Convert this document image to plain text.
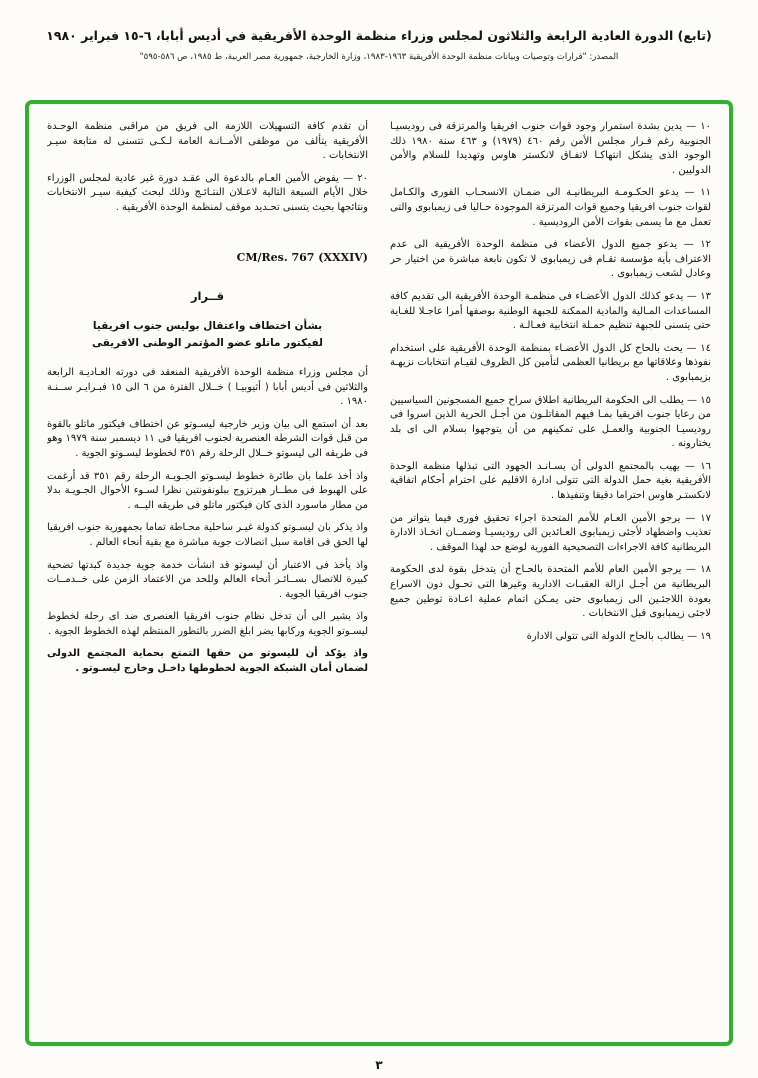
(تابع) الدورة العادية الرابعة والثلاثون لمجلس وزراء منظمة الوحدة الأفريقية في أديس أبابا، ٦-١٥ فبراير ١٩٨٠
المصدر: "قرارات وتوصيات وبيانات منظمة الوحدة الأفريقية ١٩٦٣-١٩٨٣، وزارة الخارجية، جمهورية مصر العربية، ط ١٩٨٥، ص ٥٨٦-٥٩٥"

١٠ — يدين بشدة استمرار وجود قوات جنوب افريقيا والمرتزقة فى روديسيـا الجنوبية رغم قـرار مجلس الأمن رقم ٤٦٠ (١٩٧٩) و ٤٦٣ سنة ١٩٨٠ ذلك الوجود الذى يشكل انتهاكـا لاتفـاق لانكستر هاوس وتهديدا للسلام والأمن الدوليين .

١١ — يدعو الحكـومـة البريطانيـة الى ضمـان الانسحـاب الفورى والكـامل لقوات جنوب افريقيا وجميع قوات المرتزقة الموجودة حـاليا فى زيمبابوى والتى تعمل مع ما يسمى بقوات الأمن الروديسية .

١٢ — يدعو جميع الدول الأعضاء فى منظمة الوحدة الأفريقية الى عدم الاعتراف بأية مؤسسة تقـام فى زيمبابوى لا تكون نابعة مباشرة من اختيار حر وعادل لشعب زيمبابوى .

١٣ — يدعو كذلك الدول الأعضـاء فى منظمـة الوحدة الأفريقية الى تقديم كافة المساعدات المـالية والمادية الممكنة للجبهة الوطنية بوصفها أمرا عاجـلا للغـاية حتى يتسنى للجبهة تنظيم حمـلة انتخابية فعـالـة .

١٤ — يحث بالحاح كل الدول الأعضـاء بمنظمة الوحدة الأفريقية على استخدام نفوذها وعلاقاتها مع بريطانيا العظمى لتأمين كل الظروف لقيـام انتخابات نزيهـة بزيمبابوى .

١٥ — يطلب الى الحكومة البريطانية اطلاق سراح جميع المسجونين السياسيين من رعايا جنوب افريقيا بمـا فيهم المقاتلـون من أجـل الحرية الذين اسروا فى روديسيـا الجنوبية والعمـل على تمكينهم من أن يتوجهوا بسلام الى اى بلد يختارونه .

١٦ — يهيب بالمجتمع الدولى أن يسـانـد الجهود التى تبذلها منظمة الوحدة الأفريقية بغية حمل الدولة التى تتولى ادارة الاقليم على احترام أحكام اتفاقية لانكستـر هاوس احتراما دقيقا وتنفيذها .

١٧ — يرجو الأمين العـام للأمم المتحدة اجراء تحقيق فورى فيما يتواتر من تعذيب واضطهاد لأجئى زيمبابوى العـائدين الى روديسيـا وضمــان اتخـاذ الادارة البريطانية كافة الاجراءات التصحيحية الفورية لوضع حد لهذا الموقف .

١٨ — يرجو الأمين العام للأمم المتحدة بالحـاح أن يتدخل بقوة لدى الحكومة البريطانية من أجـل ازالة العقبـات الادارية وغيرها التى تحـول دون الاسراع بعودة اللاجئـين الى زيمبابوى حتى يمـكن اتمام عملية اعـادة توطين جميع لاجئى زيمبابوى قبل الانتخابات .

١٩ — يطالب بالحاح الدولة التى تتولى الادارة

أن تقدم كافة التسهيلات اللازمة الى فريق من مراقبى منظمة الوحـدة الأفريقية يتألف من موظفى الأمــانـة العامة لـكـى تتسنى له متابعة سيـر الانتخابات .

٢٠ — يفوض الأمين العـام بالدعوة الى عقـد دورة غير عادية لمجلس الوزراء خلال الأيام السبعة التالية لاعـلان النتـائـج وذلك لبحث كيفية سيـر الانتخابات ونتائجها بحيث يتسنى تحـديد موقف لمنظمة الوحدة الأفريقية .

CM/Res. 767 (XXXIV)
قــرار
بشأن اختطاف واعتقال بوليس جنوب افريقيا
لفيكتور ماتلو عضو المؤتمر الوطنى الافريقى

أن مجلس وزراء منظمة الوحدة الأفريقية المنعقد فى دورته العـاديـة الرابعة والثلاثين فى أديس أبابا ( أثيوبيـا ) خــلال الفترة من ٦ الى ١٥ فبـرايـر ســنـة ١٩٨٠ .

بعد أن استمع الى بيان وزير خارجية ليسـوتو عن اختطاف فيكتور ماتلو بالقوة من قبل قوات الشرطة العنصرية لجنوب افريقيا فى ١١ ديسمبر سنة ١٩٧٩ وهو فى طريقه الى ليسوتو خــلال الرحلة رقم ٣٥١ لخطوط ليسـوتو الجوية .

واذ أخذ علما بان طائرة خطوط ليسـوتو الجـويـة الرحلة رقم ٣٥١ قد أرغمت على الهبوط فى مطــار هيرتزوج ببلونفونتين نظرا لسـوء الأحوال الجـويـة بدلا من مطار ماسورد الذى كان فيكتور ماتلو فى طريقه اليــه .

واذ يذكر بان ليسـوتو كدولة غيـر ساحلية محـاطة تماما بجمهورية جنوب افريقيا لها الحق فى اقامة سبل اتصالات جوية مباشرة مع بقية أنحاء العالم .

واذ يأخذ فى الاعتبار أن ليسوتو قد انشأت خدمة جوية جديدة كبدتها تضحية كبيرة للاتصال بســائـر أنحاء العالم وللحد من الاعتماد الزمن على خــدمــات جنوب افريقيا الجوية .

واذ يشير الى أن تدخل نظام جنوب افريقيا العنصرى ضد اى رحلة لخطوط ليسـوتو الجوية وركابها يضر ابلغ الضرر بالتطور المنتظم لهذه الخطوط الجوية .

واذ يؤكد أن لليسوتو من حقها التمتع بحماية المجتمع الدولى لضمان أمان الشبكة الجوية لخطوطها داخـل وخارج ليسـوتو .

٣
